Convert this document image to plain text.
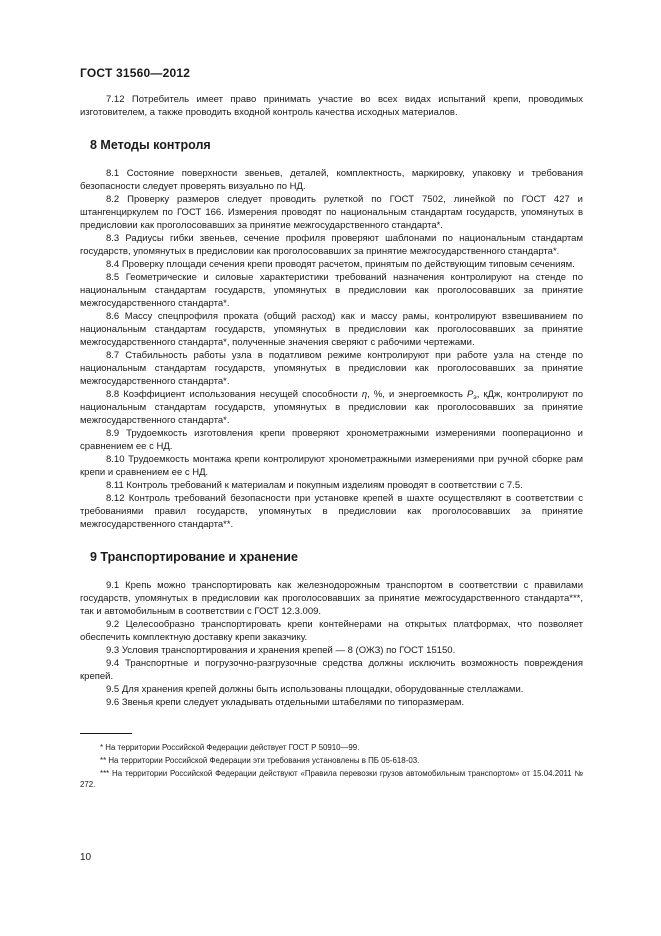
ГОСТ 31560—2012

7.12 Потребитель имеет право принимать участие во всех видах испытаний крепи, проводимых изготовителем, а также проводить входной контроль качества исходных материалов.

8 Методы контроля

8.1 Состояние поверхности звеньев, деталей, комплектность, маркировку, упаковку и требования безопасности следует проверять визуально по НД.

8.2 Проверку размеров следует проводить рулеткой по ГОСТ 7502, линейкой по ГОСТ 427 и штангенциркулем по ГОСТ 166. Измерения проводят по национальным стандартам государств, упомянутых в предисловии как проголосовавших за принятие межгосударственного стандарта*.

8.3 Радиусы гибки звеньев, сечение профиля проверяют шаблонами по национальным стандартам государств, упомянутых в предисловии как проголосовавших за принятие межгосударственного стандарта*.

8.4 Проверку площади сечения крепи проводят расчетом, принятым по действующим типовым сечениям.

8.5 Геометрические и силовые характеристики требований назначения контролируют на стенде по национальным стандартам государств, упомянутых в предисловии как проголосовавших за принятие межгосударственного стандарта*.

8.6 Массу спецпрофиля проката (общий расход) как и массу рамы, контролируют взвешиванием по национальным стандартам государств, упомянутых в предисловии как проголосовавших за принятие межгосударственного стандарта*, полученные значения сверяют с рабочими чертежами.

8.7 Стабильность работы узла в податливом режиме контролируют при работе узла на стенде по национальным стандартам государств, упомянутых в предисловии как проголосовавших за принятие межгосударственного стандарта*.

8.8 Коэффициент использования несущей способности η, %, и энергоемкость $P_э$, кДж, контролируют по национальным стандартам государств, упомянутых в предисловии как проголосовавших за принятие межгосударственного стандарта*.

8.9 Трудоемкость изготовления крепи проверяют хронометражными измерениями пооперационно и сравнением ее с НД.

8.10 Трудоемкость монтажа крепи контролируют хронометражными измерениями при ручной сборке рам крепи и сравнением ее с НД.

8.11 Контроль требований к материалам и покупным изделиям проводят в соответствии с 7.5.

8.12 Контроль требований безопасности при установке крепей в шахте осуществляют в соответствии с требованиями правил государств, упомянутых в предисловии как проголосовавших за принятие межгосударственного стандарта**.

9 Транспортирование и хранение

9.1 Крепь можно транспортировать как железнодорожным транспортом в соответствии с правилами государств, упомянутых в предисловии как проголосовавших за принятие межгосударственного стандарта***, так и автомобильным в соответствии с ГОСТ 12.3.009.

9.2 Целесообразно транспортировать крепи контейнерами на открытых платформах, что позволяет обеспечить комплектную доставку крепи заказчику.

9.3 Условия транспортирования и хранения крепей — 8 (ОЖЗ) по ГОСТ 15150.

9.4 Транспортные и погрузочно-разгрузочные средства должны исключить возможность повреждения крепей.

9.5 Для хранения крепей должны быть использованы площадки, оборудованные стеллажами.

9.6 Звенья крепи следует укладывать отдельными штабелями по типоразмерам.

* На территории Российской Федерации действует ГОСТ Р 50910—99.

** На территории Российской Федерации эти требования установлены в ПБ 05-618-03.

*** На территории Российской Федерации действуют «Правила перевозки грузов автомобильным транспортом» от 15.04.2011 № 272.

10
